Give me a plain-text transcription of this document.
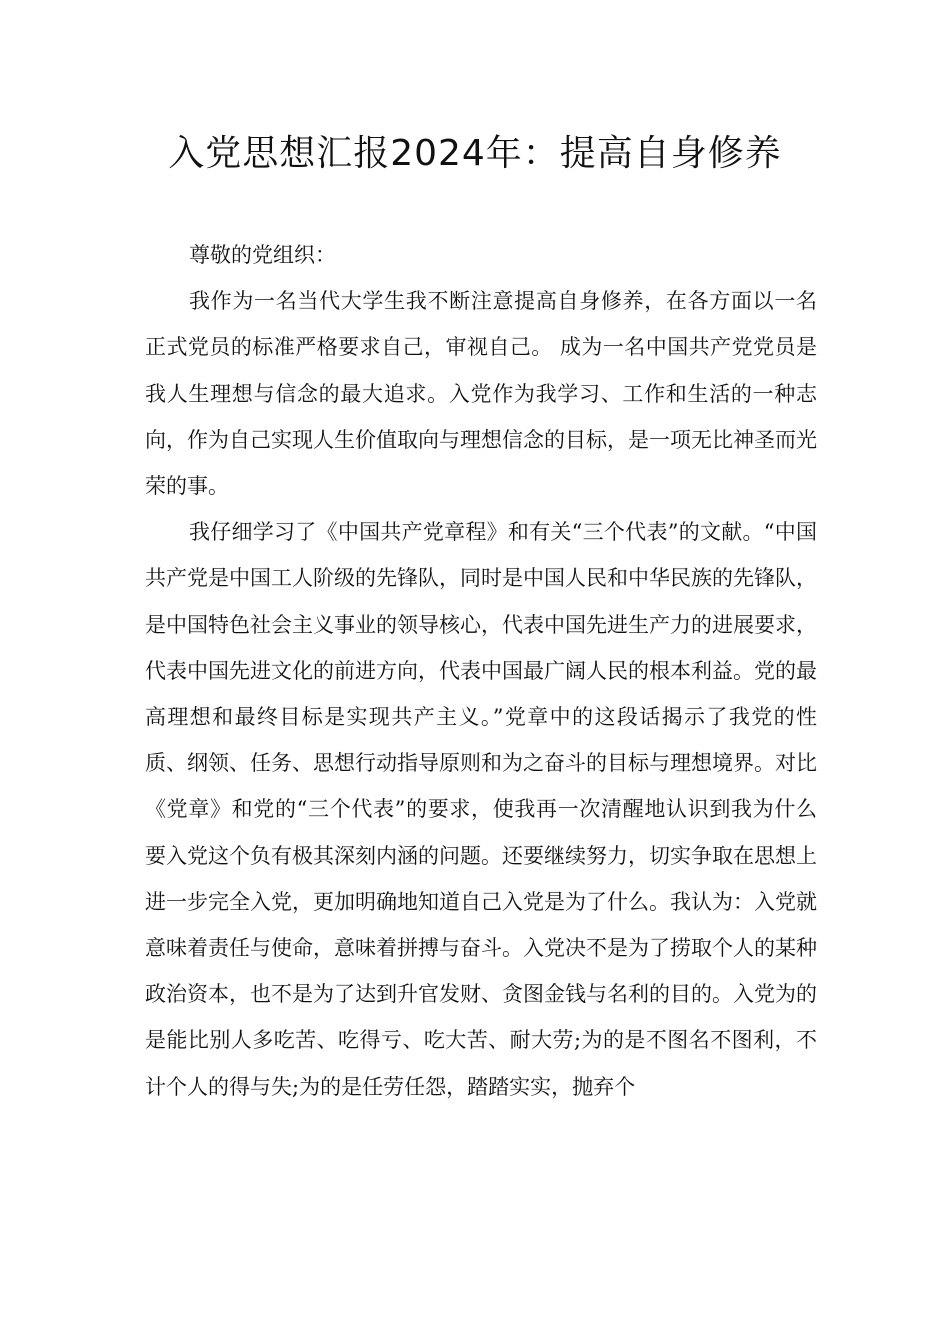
入党思想汇报2024年：提高自身修养

尊敬的党组织：

我作为一名当代大学生我不断注意提高自身修养，在各方面以一名正式党员的标准严格要求自己，审视自己。 成为一名中国共产党党员是我人生理想与信念的最大追求。入党作为我学习、工作和生活的一种志向，作为自己实现人生价值取向与理想信念的目标，是一项无比神圣而光荣的事。

我仔细学习了《中国共产党章程》和有关“三个代表”的文献。“中国共产党是中国工人阶级的先锋队，同时是中国人民和中华民族的先锋队，是中国特色社会主义事业的领导核心，代表中国先进生产力的进展要求，代表中国先进文化的前进方向，代表中国最广阔人民的根本利益。党的最高理想和最终目标是实现共产主义。”党章中的这段话揭示了我党的性质、纲领、任务、思想行动指导原则和为之奋斗的目标与理想境界。对比《党章》和党的“三个代表”的要求，使我再一次清醒地认识到我为什么要入党这个负有极其深刻内涵的问题。还要继续努力，切实争取在思想上进一步完全入党，更加明确地知道自己入党是为了什么。我认为：入党就意味着责任与使命，意味着拼搏与奋斗。入党决不是为了捞取个人的某种政治资本，也不是为了达到升官发财、贪图金钱与名利的目的。入党为的是能比别人多吃苦、吃得亏、吃大苦、耐大劳;为的是不图名不图利，不计个人的得与失;为的是任劳任怨，踏踏实实，抛弃个
